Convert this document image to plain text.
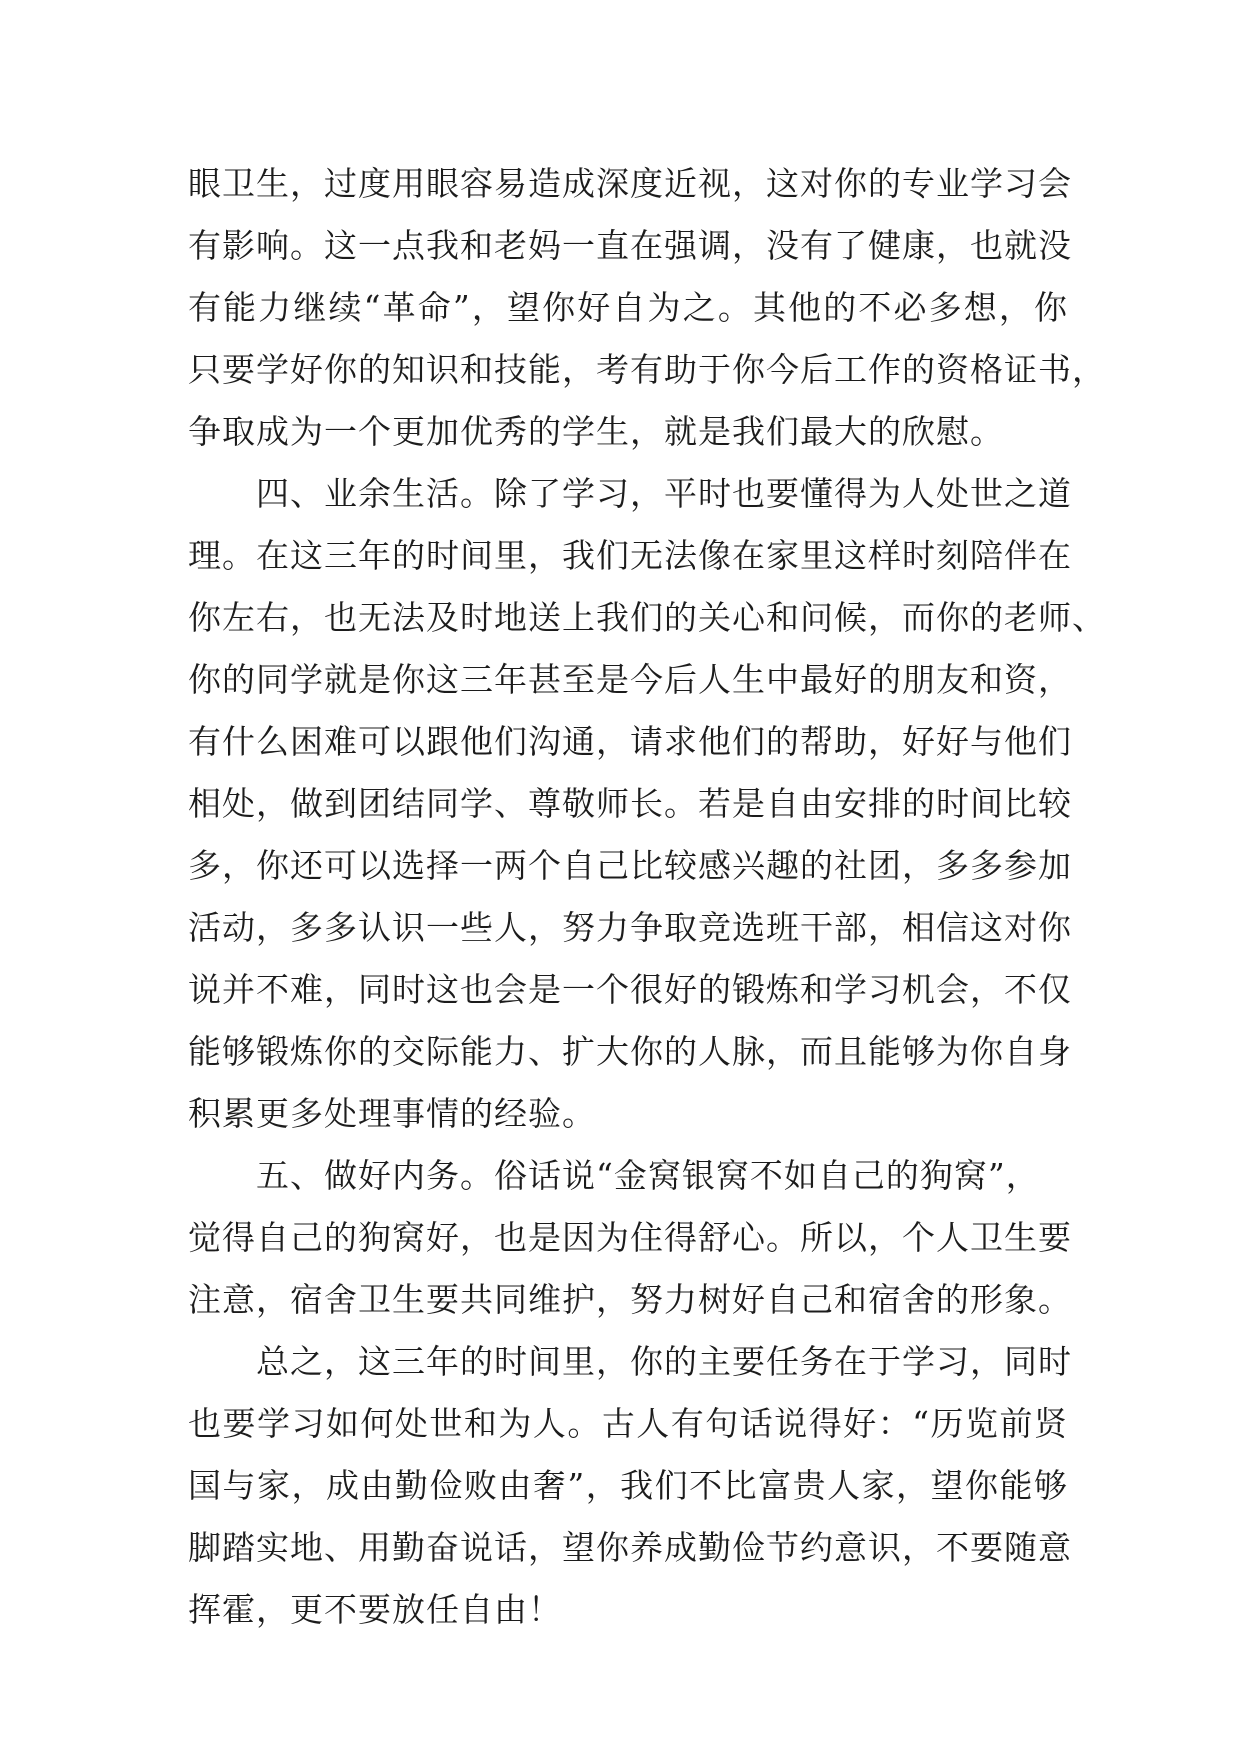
眼卫生，过度用眼容易造成深度近视，这对你的专业学习会
有影响。这一点我和老妈一直在强调，没有了健康，也就没
有能力继续“革命”，望你好自为之。其他的不必多想，你
只要学好你的知识和技能，考有助于你今后工作的资格证书，
争取成为一个更加优秀的学生，就是我们最大的欣慰。
四、业余生活。除了学习，平时也要懂得为人处世之道
理。在这三年的时间里，我们无法像在家里这样时刻陪伴在
你左右，也无法及时地送上我们的关心和问候，而你的老师、
你的同学就是你这三年甚至是今后人生中最好的朋友和资，
有什么困难可以跟他们沟通，请求他们的帮助，好好与他们
相处，做到团结同学、尊敬师长。若是自由安排的时间比较
多，你还可以选择一两个自己比较感兴趣的社团，多多参加
活动，多多认识一些人，努力争取竞选班干部，相信这对你
说并不难，同时这也会是一个很好的锻炼和学习机会，不仅
能够锻炼你的交际能力、扩大你的人脉，而且能够为你自身
积累更多处理事情的经验。
五、做好内务。俗话说“金窝银窝不如自己的狗窝”，
觉得自己的狗窝好，也是因为住得舒心。所以，个人卫生要
注意，宿舍卫生要共同维护，努力树好自己和宿舍的形象。
总之，这三年的时间里，你的主要任务在于学习，同时
也要学习如何处世和为人。古人有句话说得好：“历览前贤
国与家，成由勤俭败由奢”，我们不比富贵人家，望你能够
脚踏实地、用勤奋说话，望你养成勤俭节约意识，不要随意
挥霍，更不要放任自由！
